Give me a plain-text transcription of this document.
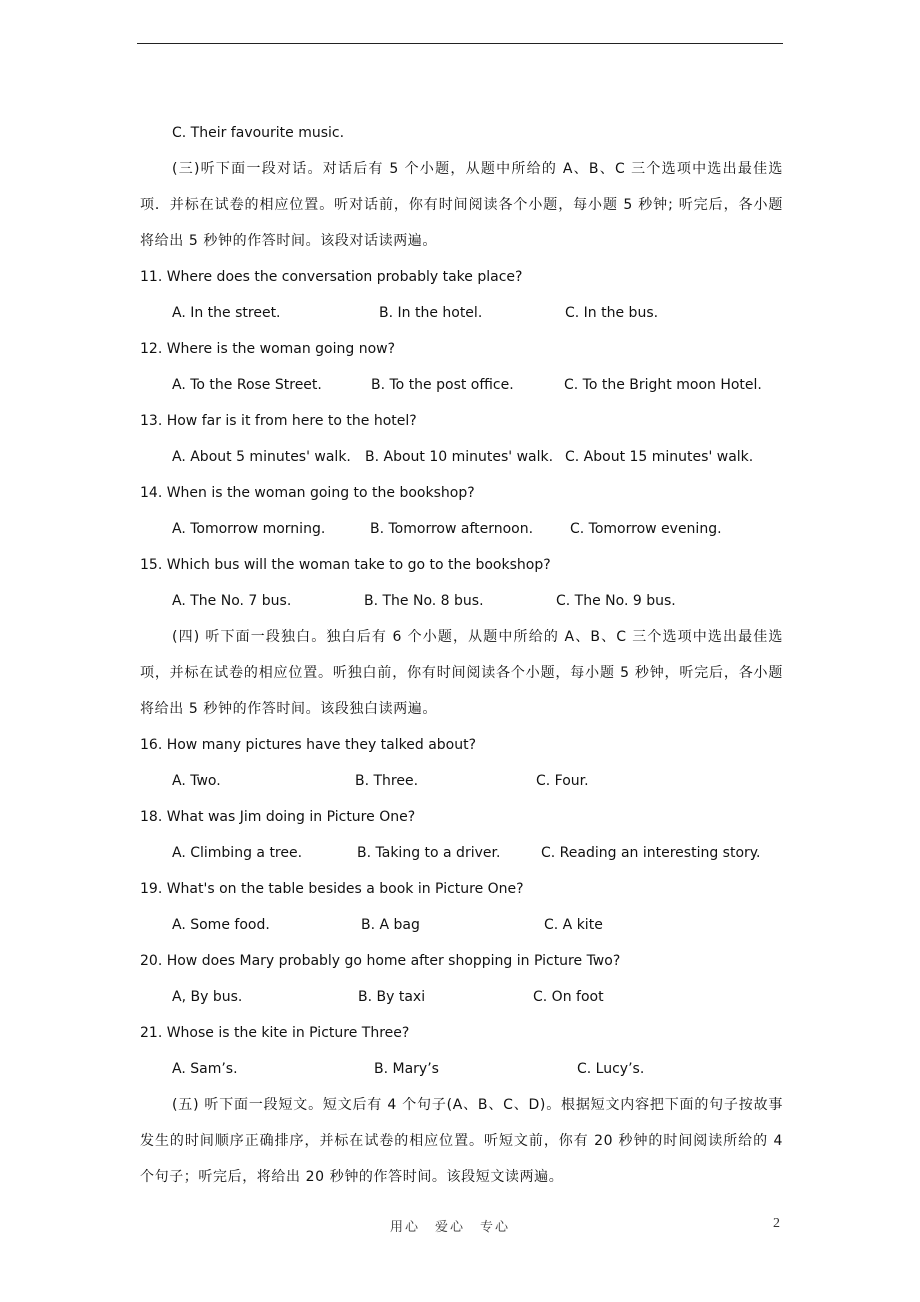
C. Their favourite music.
(三)听下面一段对话。对话后有 5 个小题，从题中所给的 A、B、C 三个选项中选出最佳选项．并标在试卷的相应位置。听对话前，你有时间阅读各个小题，每小题 5 秒钟; 听完后，各小题将给出 5 秒钟的作答时间。该段对话读两遍。
11. Where does the conversation probably take place?
A. In the street.	B. In the hotel.	C. In the bus.
12. Where is the woman going now?
A. To the Rose Street.	B. To the post office.	C. To the Bright moon Hotel.
13. How far is it from here to the hotel?
A. About 5 minutes' walk.	B. About 10 minutes' walk. C. About 15 minutes' walk.
14. When is the woman going to the bookshop?
A. Tomorrow morning.	B. Tomorrow afternoon.	C. Tomorrow evening.
15. Which bus will the woman take to go to the bookshop?
A. The No. 7 bus.	B. The No. 8 bus.	C. The No. 9 bus.
(四) 听下面一段独白。独白后有 6 个小题，从题中所给的 A、B、C 三个选项中选出最佳选项，并标在试卷的相应位置。听独白前，你有时间阅读各个小题，每小题 5 秒钟，听完后，各小题将给出 5 秒钟的作答时间。该段独白读两遍。
16. How many pictures have they talked about?
A. Two.	B. Three.	C. Four.
18. What was Jim doing in Picture One?
A. Climbing a tree.	B. Taking to a driver.	C. Reading an interesting story.
19. What's on the table besides a book in Picture One?
A. Some food.	B. A bag	C. A kite
20. How does Mary probably go home after shopping in Picture Two?
A, By bus.	B. By taxi	C. On foot
21. Whose is the kite in Picture Three?
A. Sam’s.	B. Mary’s	C. Lucy’s.
(五) 听下面一段短文。短文后有 4 个句子(A、B、C、D)。根据短文内容把下面的句子按故事发生的时间顺序正确排序，并标在试卷的相应位置。听短文前，你有 20 秒钟的时间阅读所给的 4 个句子；听完后，将给出 20 秒钟的作答时间。该段短文读两遍。
用心　爱心　专心	2
